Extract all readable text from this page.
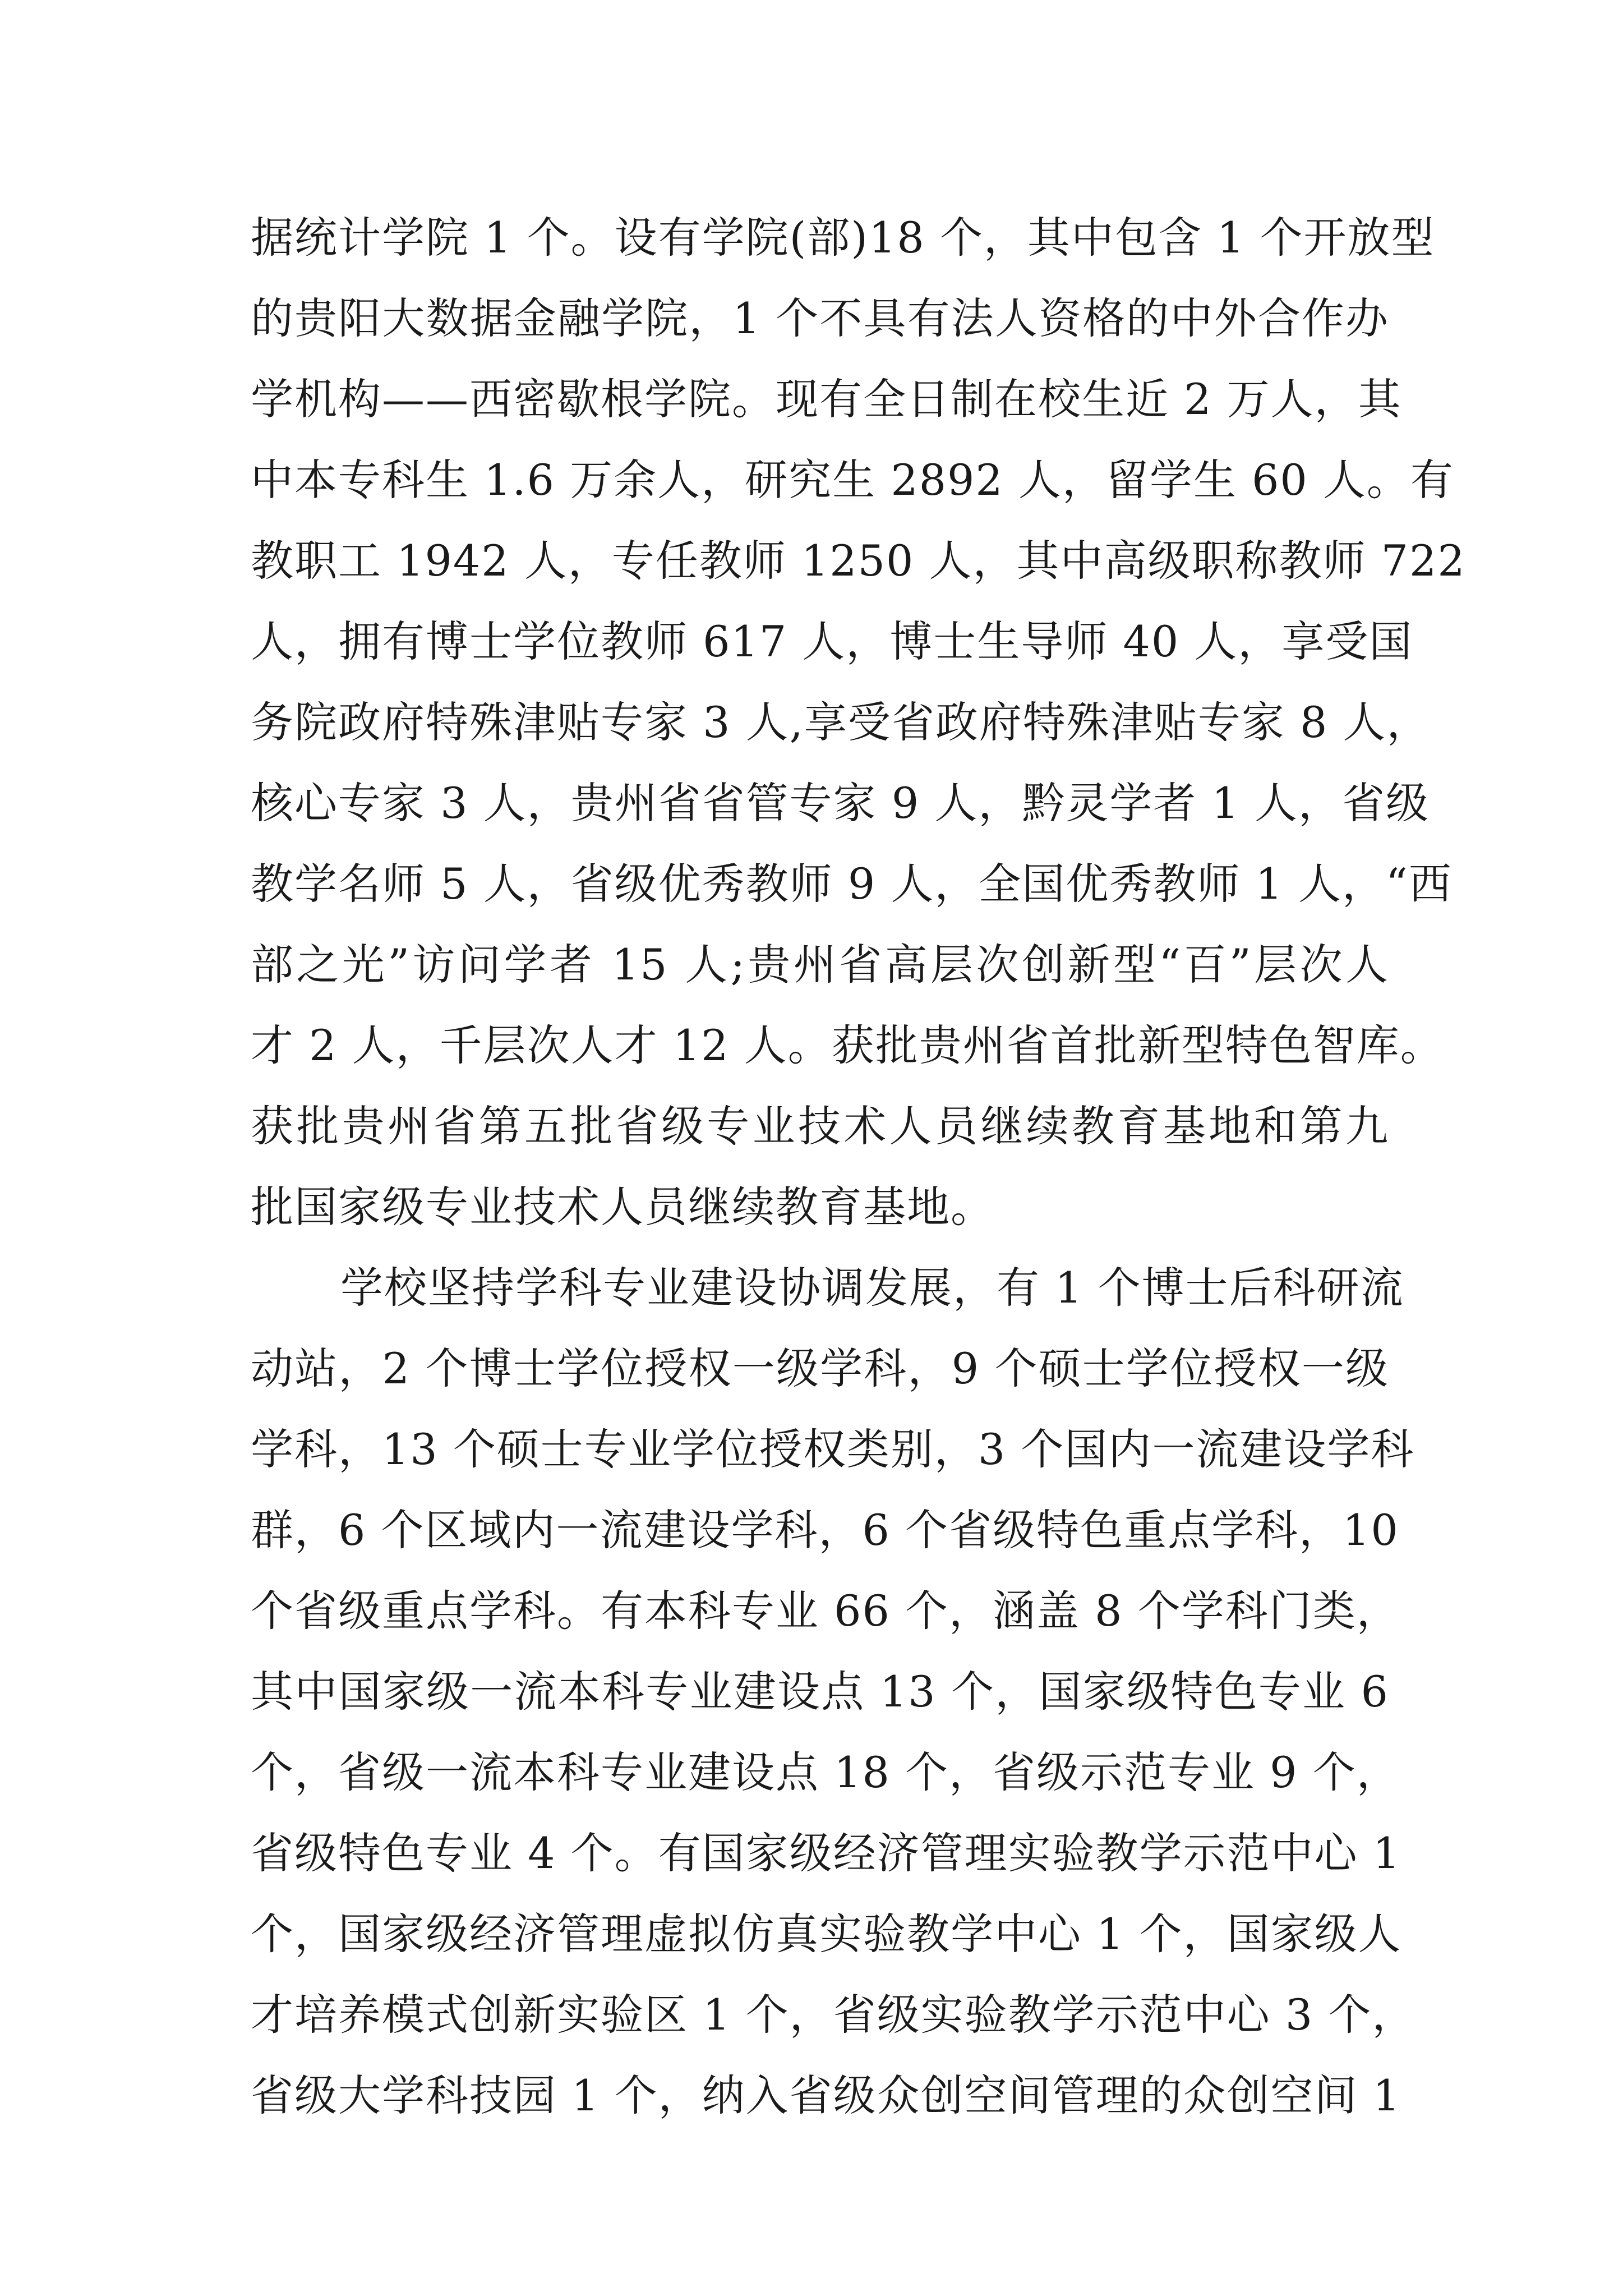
据统计学院 1 个。设有学院(部)18 个，其中包含 1 个开放型
的贵阳大数据金融学院，1 个不具有法人资格的中外合作办
学机构——西密歇根学院。现有全日制在校生近 2 万人，其
中本专科生 1.6 万余人，研究生 2892 人，留学生 60 人。有
教职工 1942 人，专任教师 1250 人，其中高级职称教师 722
人，拥有博士学位教师 617 人，博士生导师 40 人，享受国
务院政府特殊津贴专家 3 人,享受省政府特殊津贴专家 8 人，
核心专家 3 人，贵州省省管专家 9 人，黔灵学者 1 人，省级
教学名师 5 人，省级优秀教师 9 人，全国优秀教师 1 人，“西
部之光”访问学者 15 人;贵州省高层次创新型“百”层次人
才 2 人，千层次人才 12 人。获批贵州省首批新型特色智库。
获批贵州省第五批省级专业技术人员继续教育基地和第九
批国家级专业技术人员继续教育基地。
学校坚持学科专业建设协调发展，有 1 个博士后科研流
动站，2 个博士学位授权一级学科，9 个硕士学位授权一级
学科，13 个硕士专业学位授权类别，3 个国内一流建设学科
群，6 个区域内一流建设学科，6 个省级特色重点学科，10
个省级重点学科。有本科专业 66 个，涵盖 8 个学科门类，
其中国家级一流本科专业建设点 13 个，国家级特色专业 6
个，省级一流本科专业建设点 18 个，省级示范专业 9 个，
省级特色专业 4 个。有国家级经济管理实验教学示范中心 1
个，国家级经济管理虚拟仿真实验教学中心 1 个，国家级人
才培养模式创新实验区 1 个，省级实验教学示范中心 3 个，
省级大学科技园 1 个，纳入省级众创空间管理的众创空间 1
